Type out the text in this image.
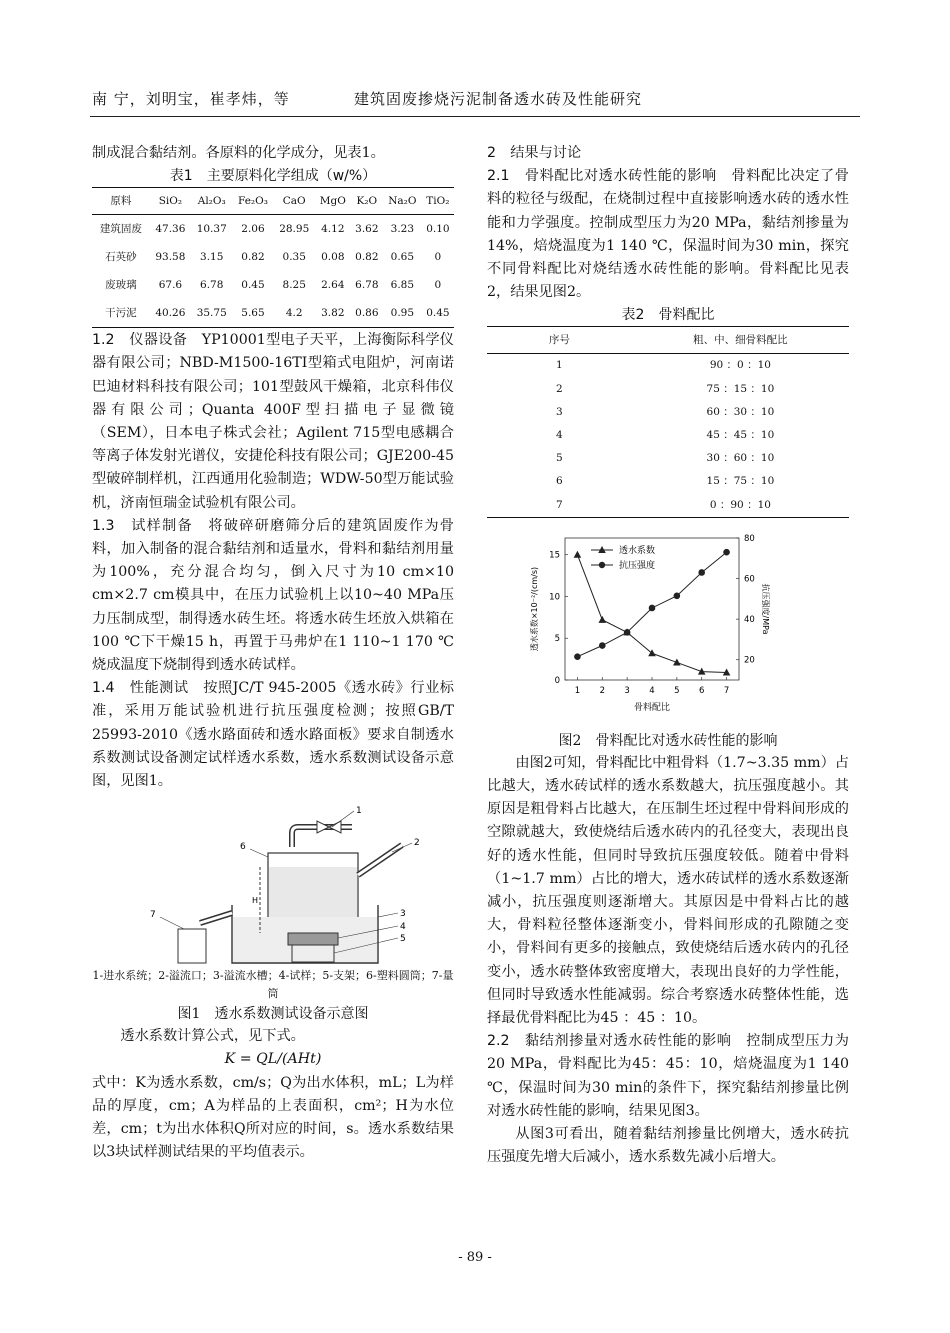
南 宁，刘明宝，崔孝炜，等	建筑固废掺烧污泥制备透水砖及性能研究

制成混合黏结剂。各原料的化学成分，见表1。

表1　主要原料化学组成（w/%）
原料	SiO₂	Al₂O₃	Fe₂O₃	CaO	MgO	K₂O	Na₂O	TiO₂
建筑固废	47.36	10.37	2.06	28.95	4.12	3.62	3.23	0.10
石英砂	93.58	3.15	0.82	0.35	0.08	0.82	0.65	0
废玻璃	67.6	6.78	0.45	8.25	2.64	6.78	6.85	0
干污泥	40.26	35.75	5.65	4.2	3.82	0.86	0.95	0.45

1.2　仪器设备　YP10001型电子天平，上海衡际科学仪器有限公司；NBD-M1500-16TI型箱式电阻炉，河南诺巴迪材料科技有限公司；101型鼓风干燥箱，北京科伟仪器有限公司；Quanta 400F型扫描电子显微镜（SEM），日本电子株式会社；Agilent 715型电感耦合等离子体发射光谱仪，安捷伦科技有限公司；GJE200-45型破碎制样机，江西通用化验制造；WDW-50型万能试验机，济南恒瑞金试验机有限公司。

1.3　试样制备　将破碎研磨筛分后的建筑固废作为骨料，加入制备的混合黏结剂和适量水，骨料和黏结剂用量为100%，充分混合均匀，倒入尺寸为10 cm×10 cm×2.7 cm模具中，在压力试验机上以10~40 MPa压力压制成型，制得透水砖生坯。将透水砖生坯放入烘箱在100 ℃下干燥15 h，再置于马弗炉在1 110~1 170 ℃烧成温度下烧制得到透水砖试样。

1.4　性能测试　按照JC/T 945-2005《透水砖》行业标准，采用万能试验机进行抗压强度检测；按照GB/T 25993-2010《透水路面砖和透水路面板》要求自制透水系数测试设备测定试样透水系数，透水系数测试设备示意图，见图1。

H
1
2
3
4
5
6
7
1-进水系统；2-溢流口；3-溢流水槽；4-试样；5-支架；6-塑料圆筒；7-量筒
图1　透水系数测试设备示意图

透水系数计算公式，见下式。

K = QL/(AHt)

式中：K为透水系数，cm/s；Q为出水体积，mL；L为样品的厚度，cm；A为样品的上表面积，cm²；H为水位差，cm；t为出水体积Q所对应的时间，s。透水系数结果以3块试样测试结果的平均值表示。

2　结果与讨论

2.1　骨料配比对透水砖性能的影响　骨料配比决定了骨料的粒径与级配，在烧制过程中直接影响透水砖的透水性能和力学强度。控制成型压力为20 MPa，黏结剂掺量为14%，焙烧温度为1 140 ℃，保温时间为30 min，探究不同骨料配比对烧结透水砖性能的影响。骨料配比见表2，结果见图2。

表2　骨料配比
序号	粗、中、细骨料配比
1	90 ：0 ：10
2	75 ：15 ：10
3	60 ：30 ：10
4	45 ：45 ：10
5	30 ：60 ：10
6	15 ：75 ：10
7	0 ：90 ：10
1 2 3 4 5 6 7
0
5
10
15
20
40
60
80
骨料配比
透水系数×10⁻²/(cm/s)	抗压强度/MPa
透水系数
抗压强度
图2　骨料配比对透水砖性能的影响

由图2可知，骨料配比中粗骨料（1.7~3.35 mm）占比越大，透水砖试样的透水系数越大，抗压强度越小。其原因是粗骨料占比越大，在压制生坯过程中骨料间形成的空隙就越大，致使烧结后透水砖内的孔径变大，表现出良好的透水性能，但同时导致抗压强度较低。随着中骨料（1~1.7 mm）占比的增大，透水砖试样的透水系数逐渐减小，抗压强度则逐渐增大。其原因是中骨料占比的越大，骨料粒径整体逐渐变小，骨料间形成的孔隙随之变小，骨料间有更多的接触点，致使烧结后透水砖内的孔径变小，透水砖整体致密度增大，表现出良好的力学性能，但同时导致透水性能减弱。综合考察透水砖整体性能，选择最优骨料配比为45 ：45 ：10。

2.2　黏结剂掺量对透水砖性能的影响　控制成型压力为20 MPa，骨料配比为45：45：10，焙烧温度为1 140 ℃，保温时间为30 min的条件下，探究黏结剂掺量比例对透水砖性能的影响，结果见图3。

从图3可看出，随着黏结剂掺量比例增大，透水砖抗压强度先增大后减小，透水系数先减小后增大。

- 89 -
